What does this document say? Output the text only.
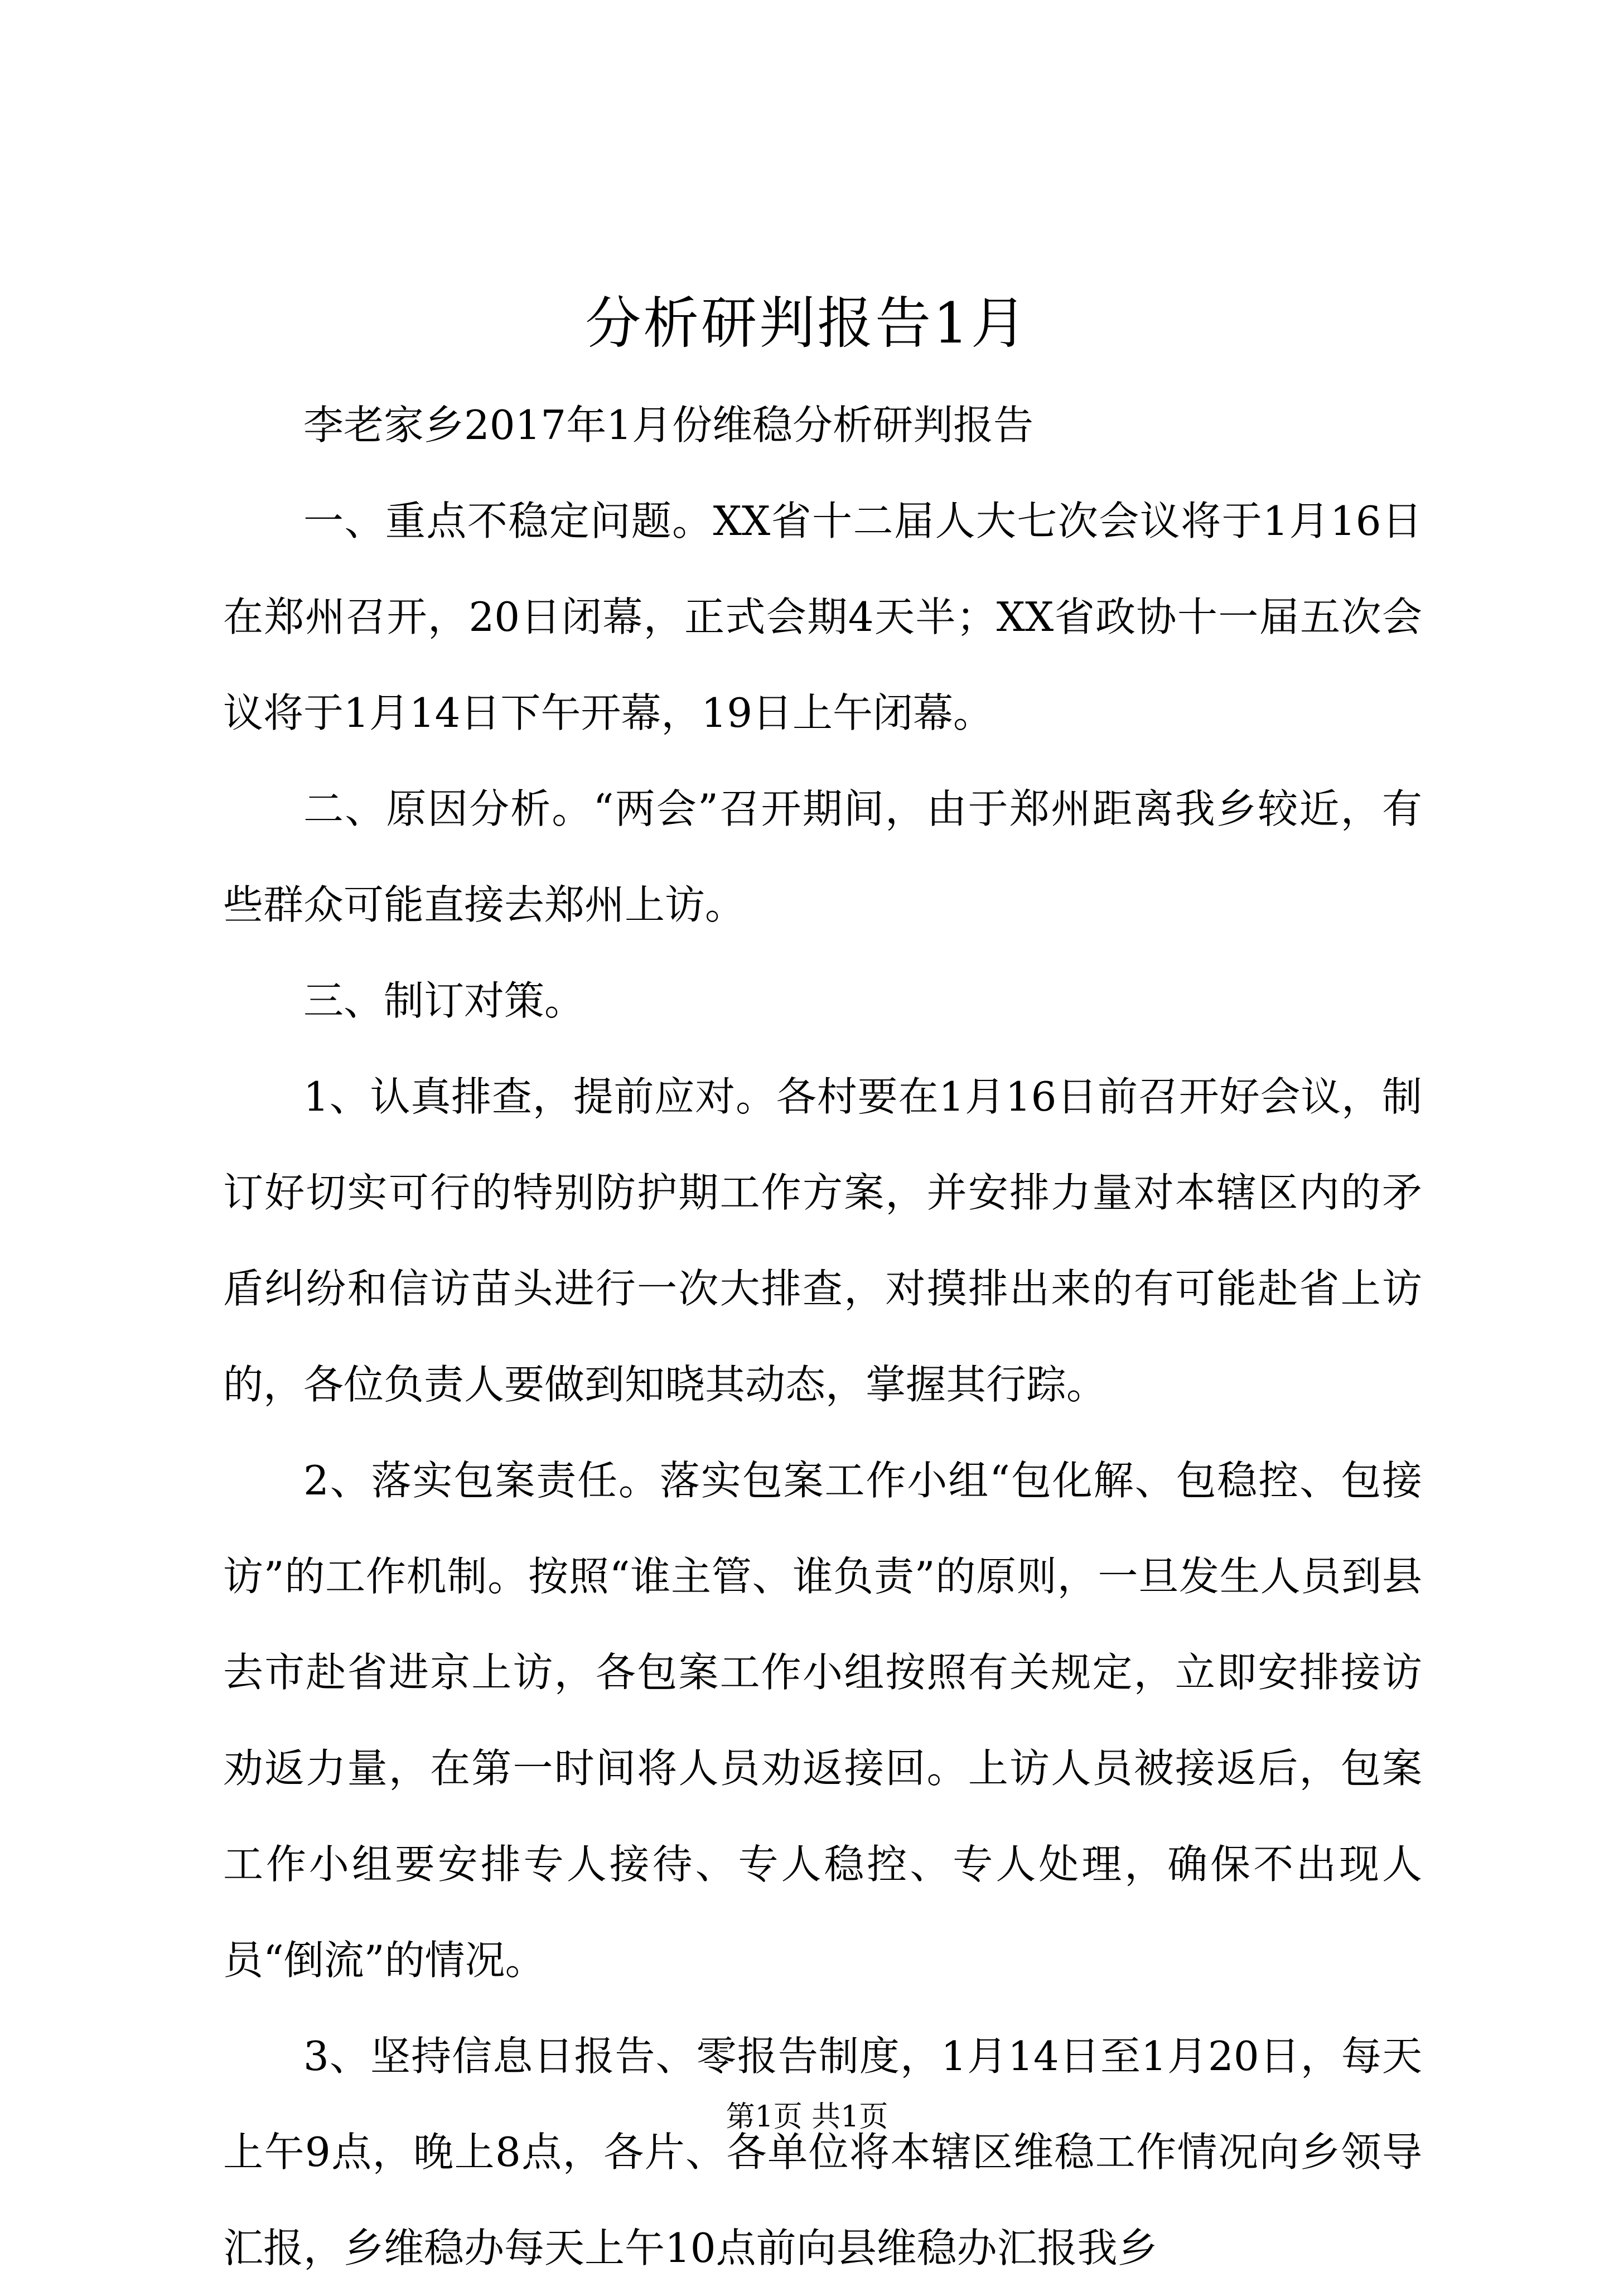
分析研判报告1月

李老家乡2017年1月份维稳分析研判报告

一、重点不稳定问题。XX省十二届人大七次会议将于1月16日在郑州召开，20日闭幕，正式会期4天半；XX省政协十一届五次会议将于1月14日下午开幕，19日上午闭幕。

二、原因分析。“两会”召开期间，由于郑州距离我乡较近，有些群众可能直接去郑州上访。

三、制订对策。

1、认真排查，提前应对。各村要在1月16日前召开好会议，制订好切实可行的特别防护期工作方案，并安排力量对本辖区内的矛盾纠纷和信访苗头进行一次大排查，对摸排出来的有可能赴省上访的，各位负责人要做到知晓其动态，掌握其行踪。

2、落实包案责任。落实包案工作小组“包化解、包稳控、包接访”的工作机制。按照“谁主管、谁负责”的原则，一旦发生人员到县去市赴省进京上访，各包案工作小组按照有关规定，立即安排接访劝返力量，在第一时间将人员劝返接回。上访人员被接返后，包案工作小组要安排专人接待、专人稳控、专人处理，确保不出现人员“倒流”的情况。

3、坚持信息日报告、零报告制度，1月14日至1月20日，每天上午9点，晚上8点，各片、各单位将本辖区维稳工作情况向乡领导汇报，乡维稳办每天上午10点前向县维稳办汇报我乡

第1页 共1页
